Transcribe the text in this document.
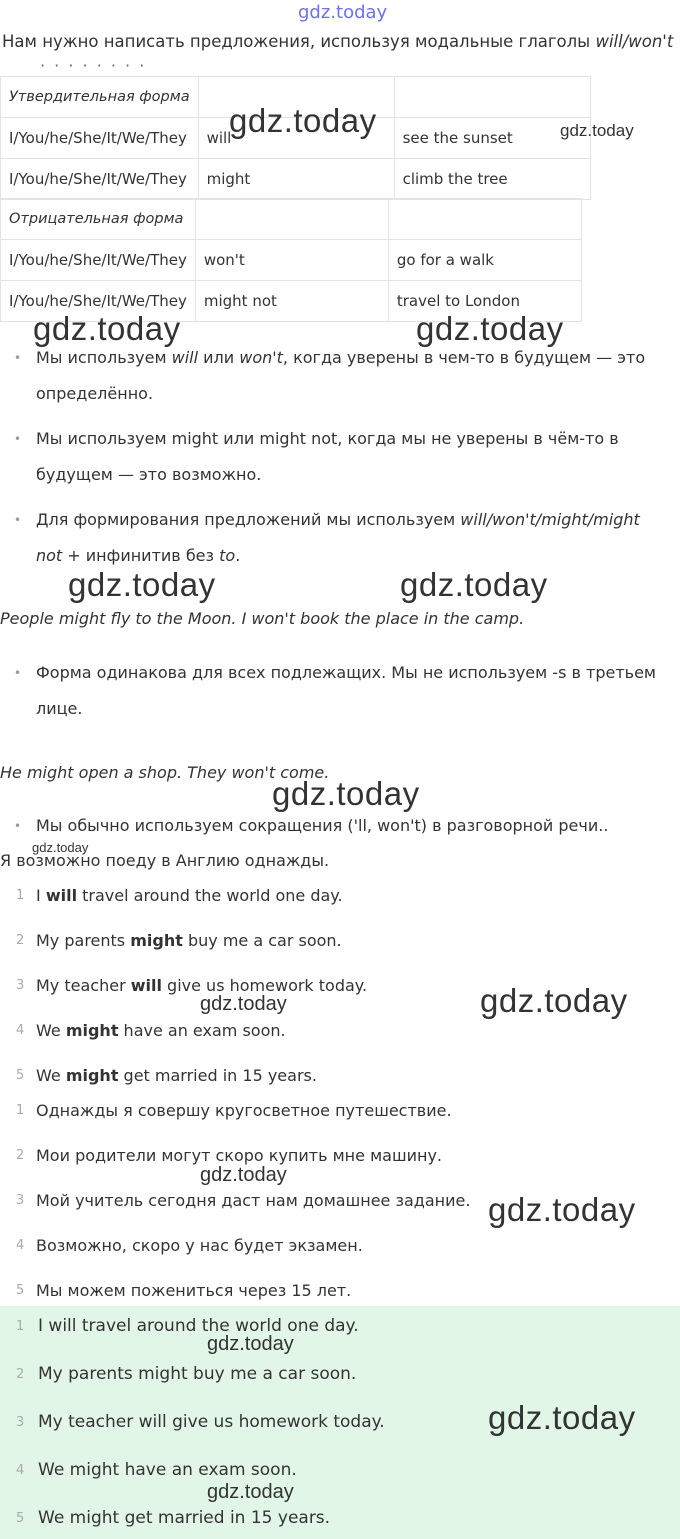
gdz.today
Нам нужно написать предложения, используя модальные глаголы will/won't
· · · · · · · ·
Утвердительная форма		
I/You/he/She/It/We/They	will	see the sunset
I/You/he/She/It/We/They	might	climb the tree
Отрицательная форма		
I/You/he/She/It/We/They	won't	go for a walk
I/You/he/She/It/We/They	might not	travel to London
• Мы используем will или won't, когда уверены в чем-то в будущем — это определённо.
• Мы используем might или might not, когда мы не уверены в чём-то в будущем — это возможно.
• Для формирования предложений мы используем will/won't/might/might not + инфинитив без to.
People might fly to the Moon. I won't book the place in the camp.
• Форма одинакова для всех подлежащих. Мы не используем -s в третьем лице.
He might open a shop. They won't come.
• Мы обычно используем сокращения ('ll, won't) в разговорной речи..
Я возможно поеду в Англию однажды.
1 I will travel around the world one day.
2 My parents might buy me a car soon.
3 My teacher will give us homework today.
4 We might have an exam soon.
5 We might get married in 15 years.
1 Однажды я совершу кругосветное путешествие.
2 Мои родители могут скоро купить мне машину.
3 Мой учитель сегодня даст нам домашнее задание.
4 Возможно, скоро у нас будет экзамен.
5 Мы можем пожениться через 15 лет.
1 I will travel around the world one day.
2 My parents might buy me a car soon.
3 My teacher will give us homework today.
4 We might have an exam soon.
5 We might get married in 15 years.
gdz.today	gdz.today
gdz.today	gdz.today
gdz.today	gdz.today
gdz.today
gdz.today
gdz.today	gdz.today
gdz.today
gdz.today
gdz.today
gdz.today
gdz.today
